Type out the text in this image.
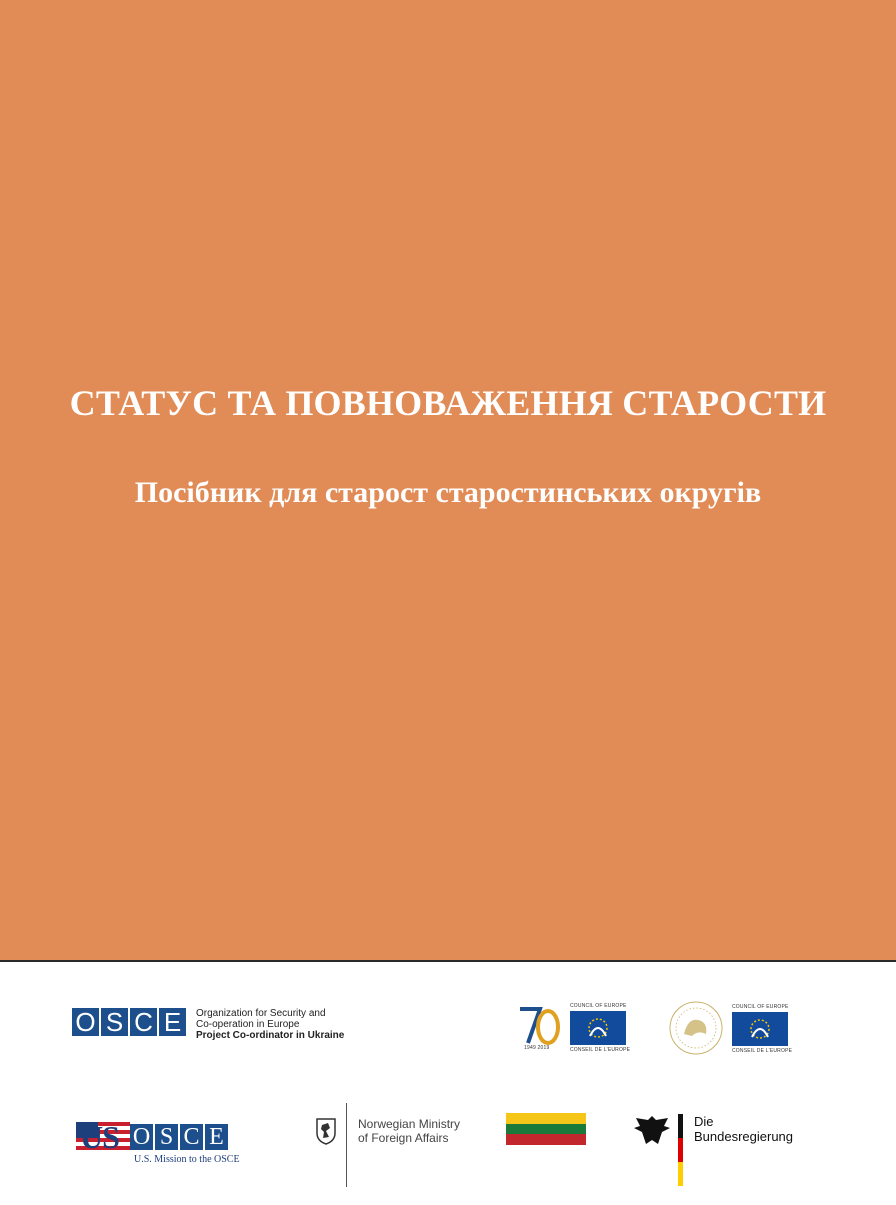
СТАТУС ТА ПОВНОВАЖЕННЯ СТАРОСТИ
Посібник для старост старостинських округів
O S C E	Organization for Security and
Co-operation in Europe
Project Co-ordinator in Ukraine
1949 2019
COUNCIL OF EUROPE
CONSEIL DE L'EUROPE
COUNCIL OF EUROPE
CONSEIL DE L'EUROPE
US O S C E
U.S. Mission to the OSCE
Norwegian Ministry
of Foreign Affairs
Die
Bundesregierung
